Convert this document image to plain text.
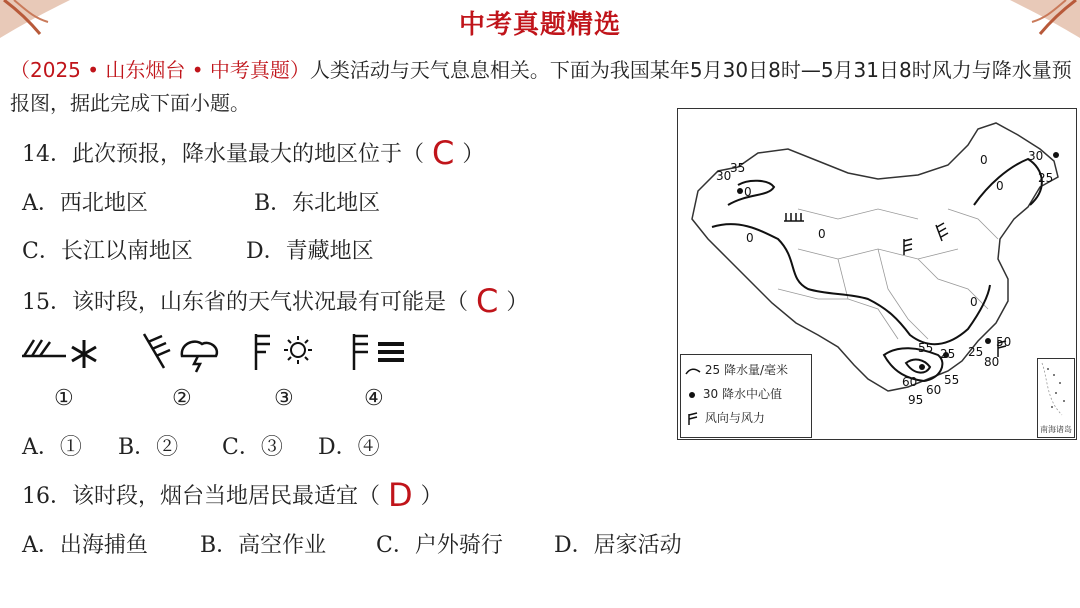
中考真题精选
（2025 • 山东烟台 • 中考真题）人类活动与天气息息相关。下面为我国某年5月30日8时—5月31日8时风力与降水量预报图，据此完成下面小题。
14．此次预报，降水量最大的地区位于（ C ）
A．西北地区	B．东北地区
C．长江以南地区 D．青藏地区
15．该时段，山东省的天气状况最有可能是（ C ）
①	②	③	④
A．① B．② C．③ D．④
16．该时段，烟台当地居民最适宜（ D ）
A．出海捕鱼 B．高空作业 C．户外骑行 D．居家活动
30
35
0
0
0
0
30
25
0
0
55 25 25
80
50
60
95
60
55
25 降水量/毫米
30 降水中心值
风向与风力
南海诸岛
